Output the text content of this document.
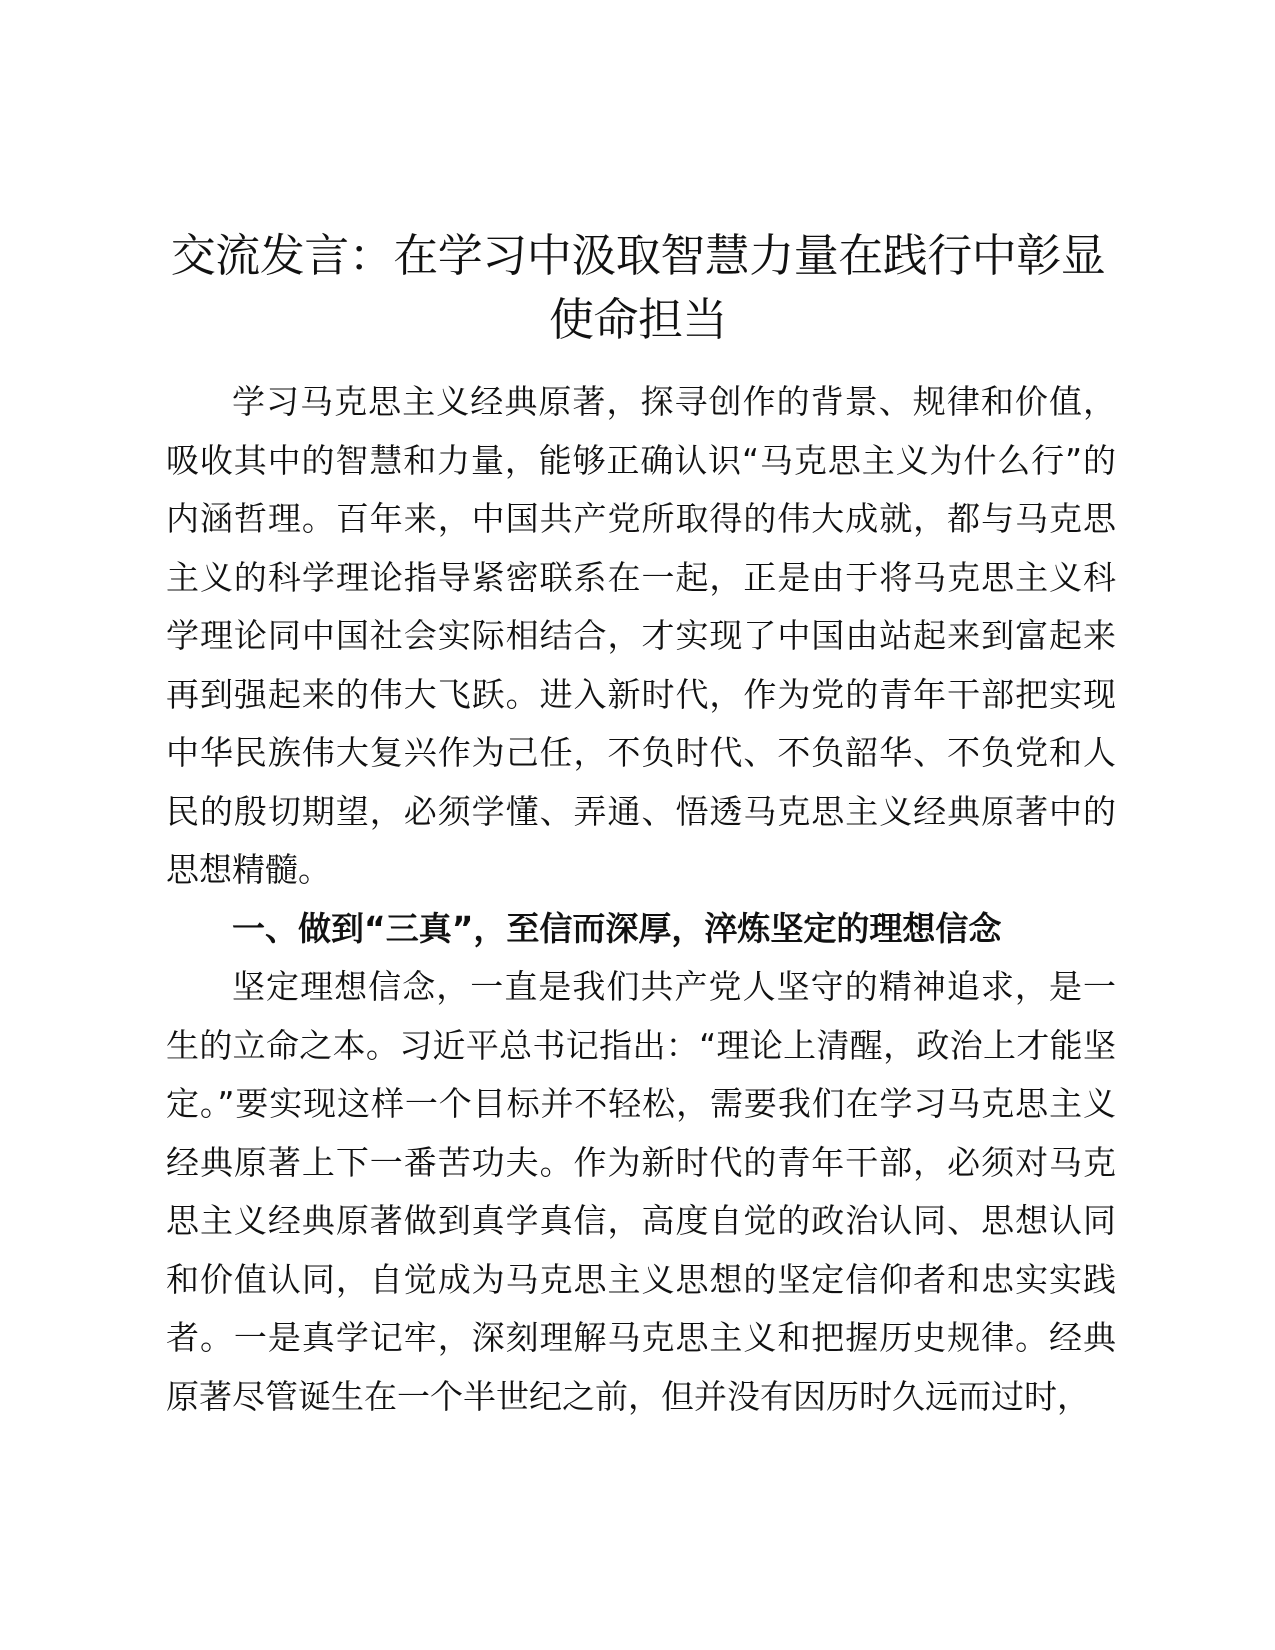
交流发言：在学习中汲取智慧力量在践行中彰显使命担当

学习马克思主义经典原著，探寻创作的背景、规律和价值，吸收其中的智慧和力量，能够正确认识“马克思主义为什么行”的内涵哲理。百年来，中国共产党所取得的伟大成就，都与马克思主义的科学理论指导紧密联系在一起，正是由于将马克思主义科学理论同中国社会实际相结合，才实现了中国由站起来到富起来再到强起来的伟大飞跃。进入新时代，作为党的青年干部把实现中华民族伟大复兴作为己任，不负时代、不负韶华、不负党和人民的殷切期望，必须学懂、弄通、悟透马克思主义经典原著中的思想精髓。

一、做到“三真”，至信而深厚，淬炼坚定的理想信念

坚定理想信念，一直是我们共产党人坚守的精神追求，是一生的立命之本。习近平总书记指出：“理论上清醒，政治上才能坚定。”要实现这样一个目标并不轻松，需要我们在学习马克思主义经典原著上下一番苦功夫。作为新时代的青年干部，必须对马克思主义经典原著做到真学真信，高度自觉的政治认同、思想认同和价值认同，自觉成为马克思主义思想的坚定信仰者和忠实实践者。一是真学记牢，深刻理解马克思主义和把握历史规律。经典原著尽管诞生在一个半世纪之前，但并没有因历时久远而过时，
